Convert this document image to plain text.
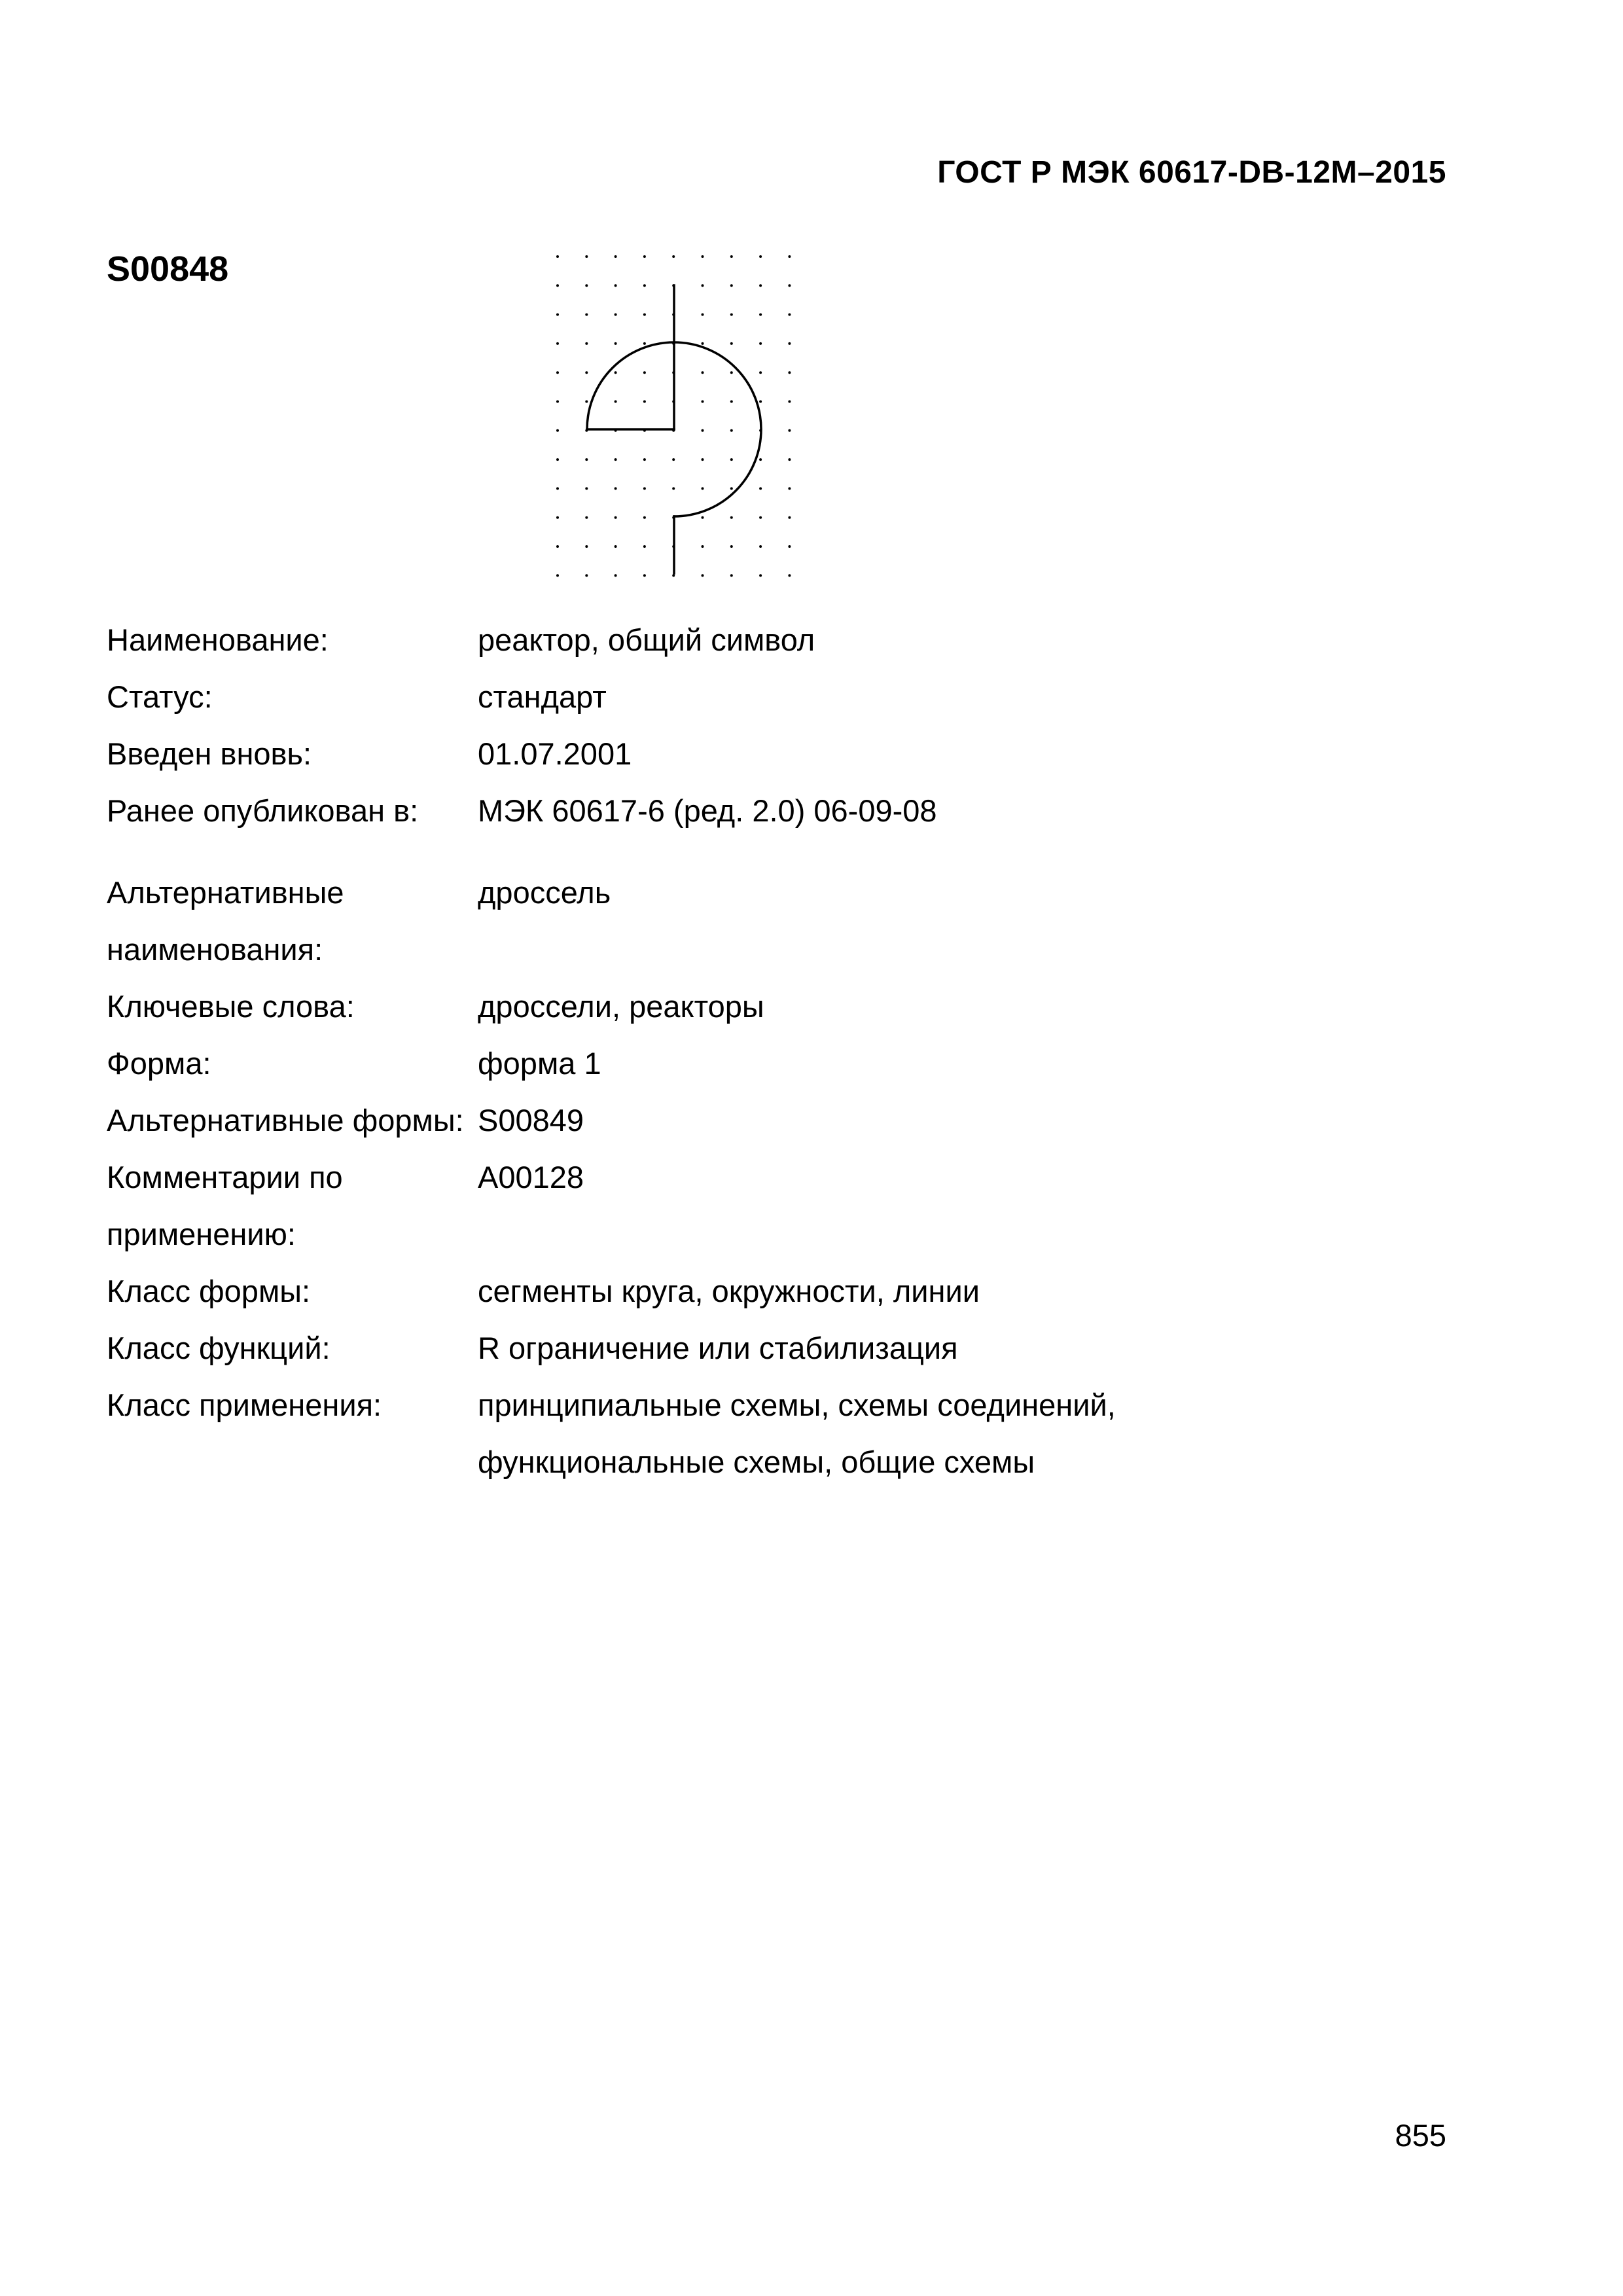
ГОСТ Р МЭК 60617-DB-12M–2015
S00848
Наименование:	реактор, общий символ
Статус:	стандарт
Введен вновь:	01.07.2001
Ранее опубликован в:	МЭК 60617-6 (ред. 2.0) 06-09-08
Альтернативные наименования:
дроссель
Ключевые слова:	дроссели, реакторы
Форма:	форма 1
Альтернативные формы: S00849
Комментарии по применению:
A00128
Класс формы:	сегменты круга, окружности, линии
Класс функций:	R ограничение или стабилизация
Класс применения:	принципиальные схемы, схемы соединений, функциональные схемы, общие схемы
855
